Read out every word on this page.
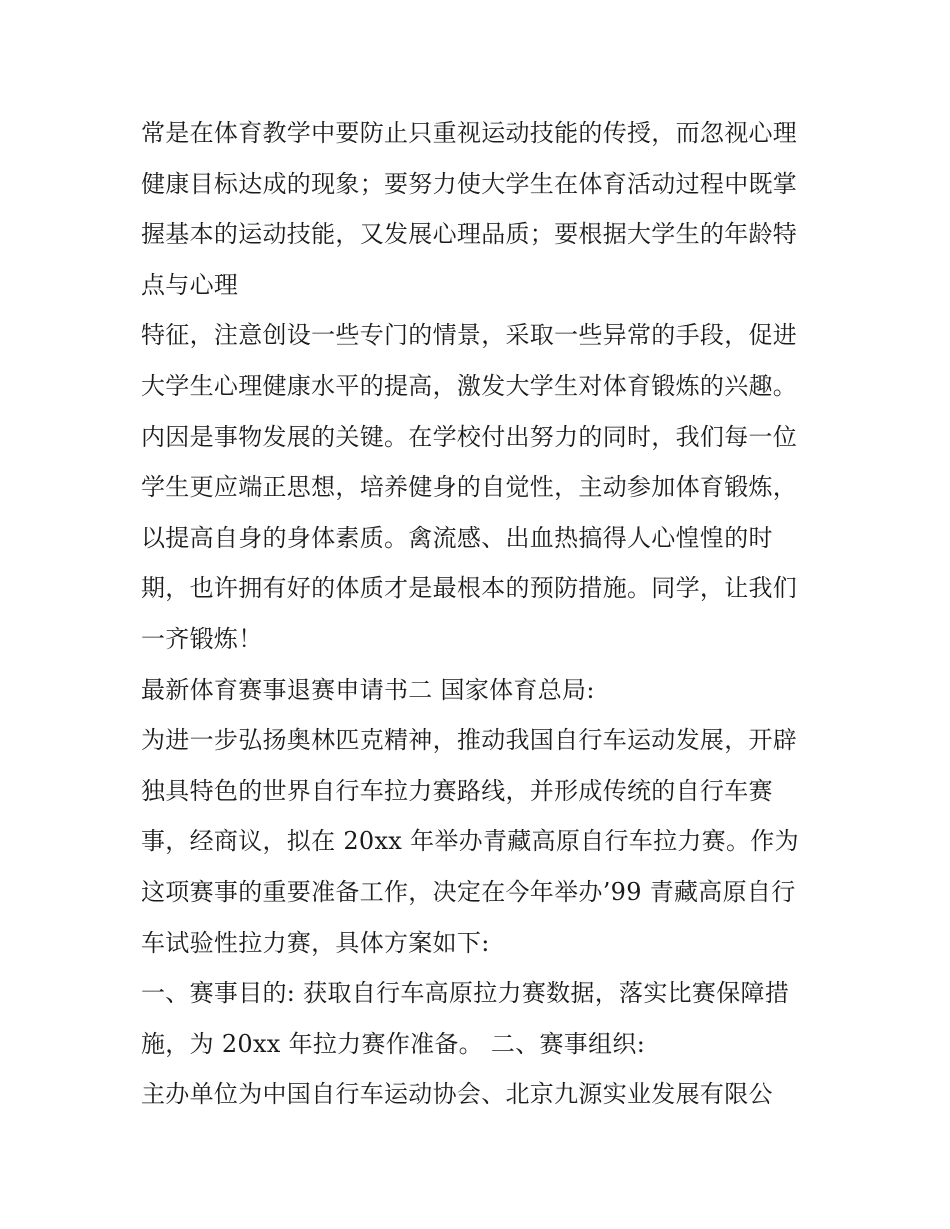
常是在体育教学中要防止只重视运动技能的传授，而忽视心理
健康目标达成的现象；要努力使大学生在体育活动过程中既掌
握基本的运动技能，又发展心理品质；要根据大学生的年龄特
点与心理
特征，注意创设一些专门的情景，采取一些异常的手段，促进
大学生心理健康水平的提高，激发大学生对体育锻炼的兴趣。
内因是事物发展的关键。在学校付出努力的同时，我们每一位
学生更应端正思想，培养健身的自觉性，主动参加体育锻炼，
以提高自身的身体素质。禽流感、出血热搞得人心惶惶的时
期，也许拥有好的体质才是最根本的预防措施。同学，让我们
一齐锻炼！
最新体育赛事退赛申请书二 国家体育总局:
为进一步弘扬奥林匹克精神，推动我国自行车运动发展，开辟
独具特色的世界自行车拉力赛路线，并形成传统的自行车赛
事，经商议，拟在 20xx 年举办青藏高原自行车拉力赛。作为
这项赛事的重要准备工作，决定在今年举办’99 青藏高原自行
车试验性拉力赛，具体方案如下:
一、赛事目的: 获取自行车高原拉力赛数据，落实比赛保障措
施，为 20xx 年拉力赛作准备。 二、赛事组织:
主办单位为中国自行车运动协会、北京九源实业发展有限公
